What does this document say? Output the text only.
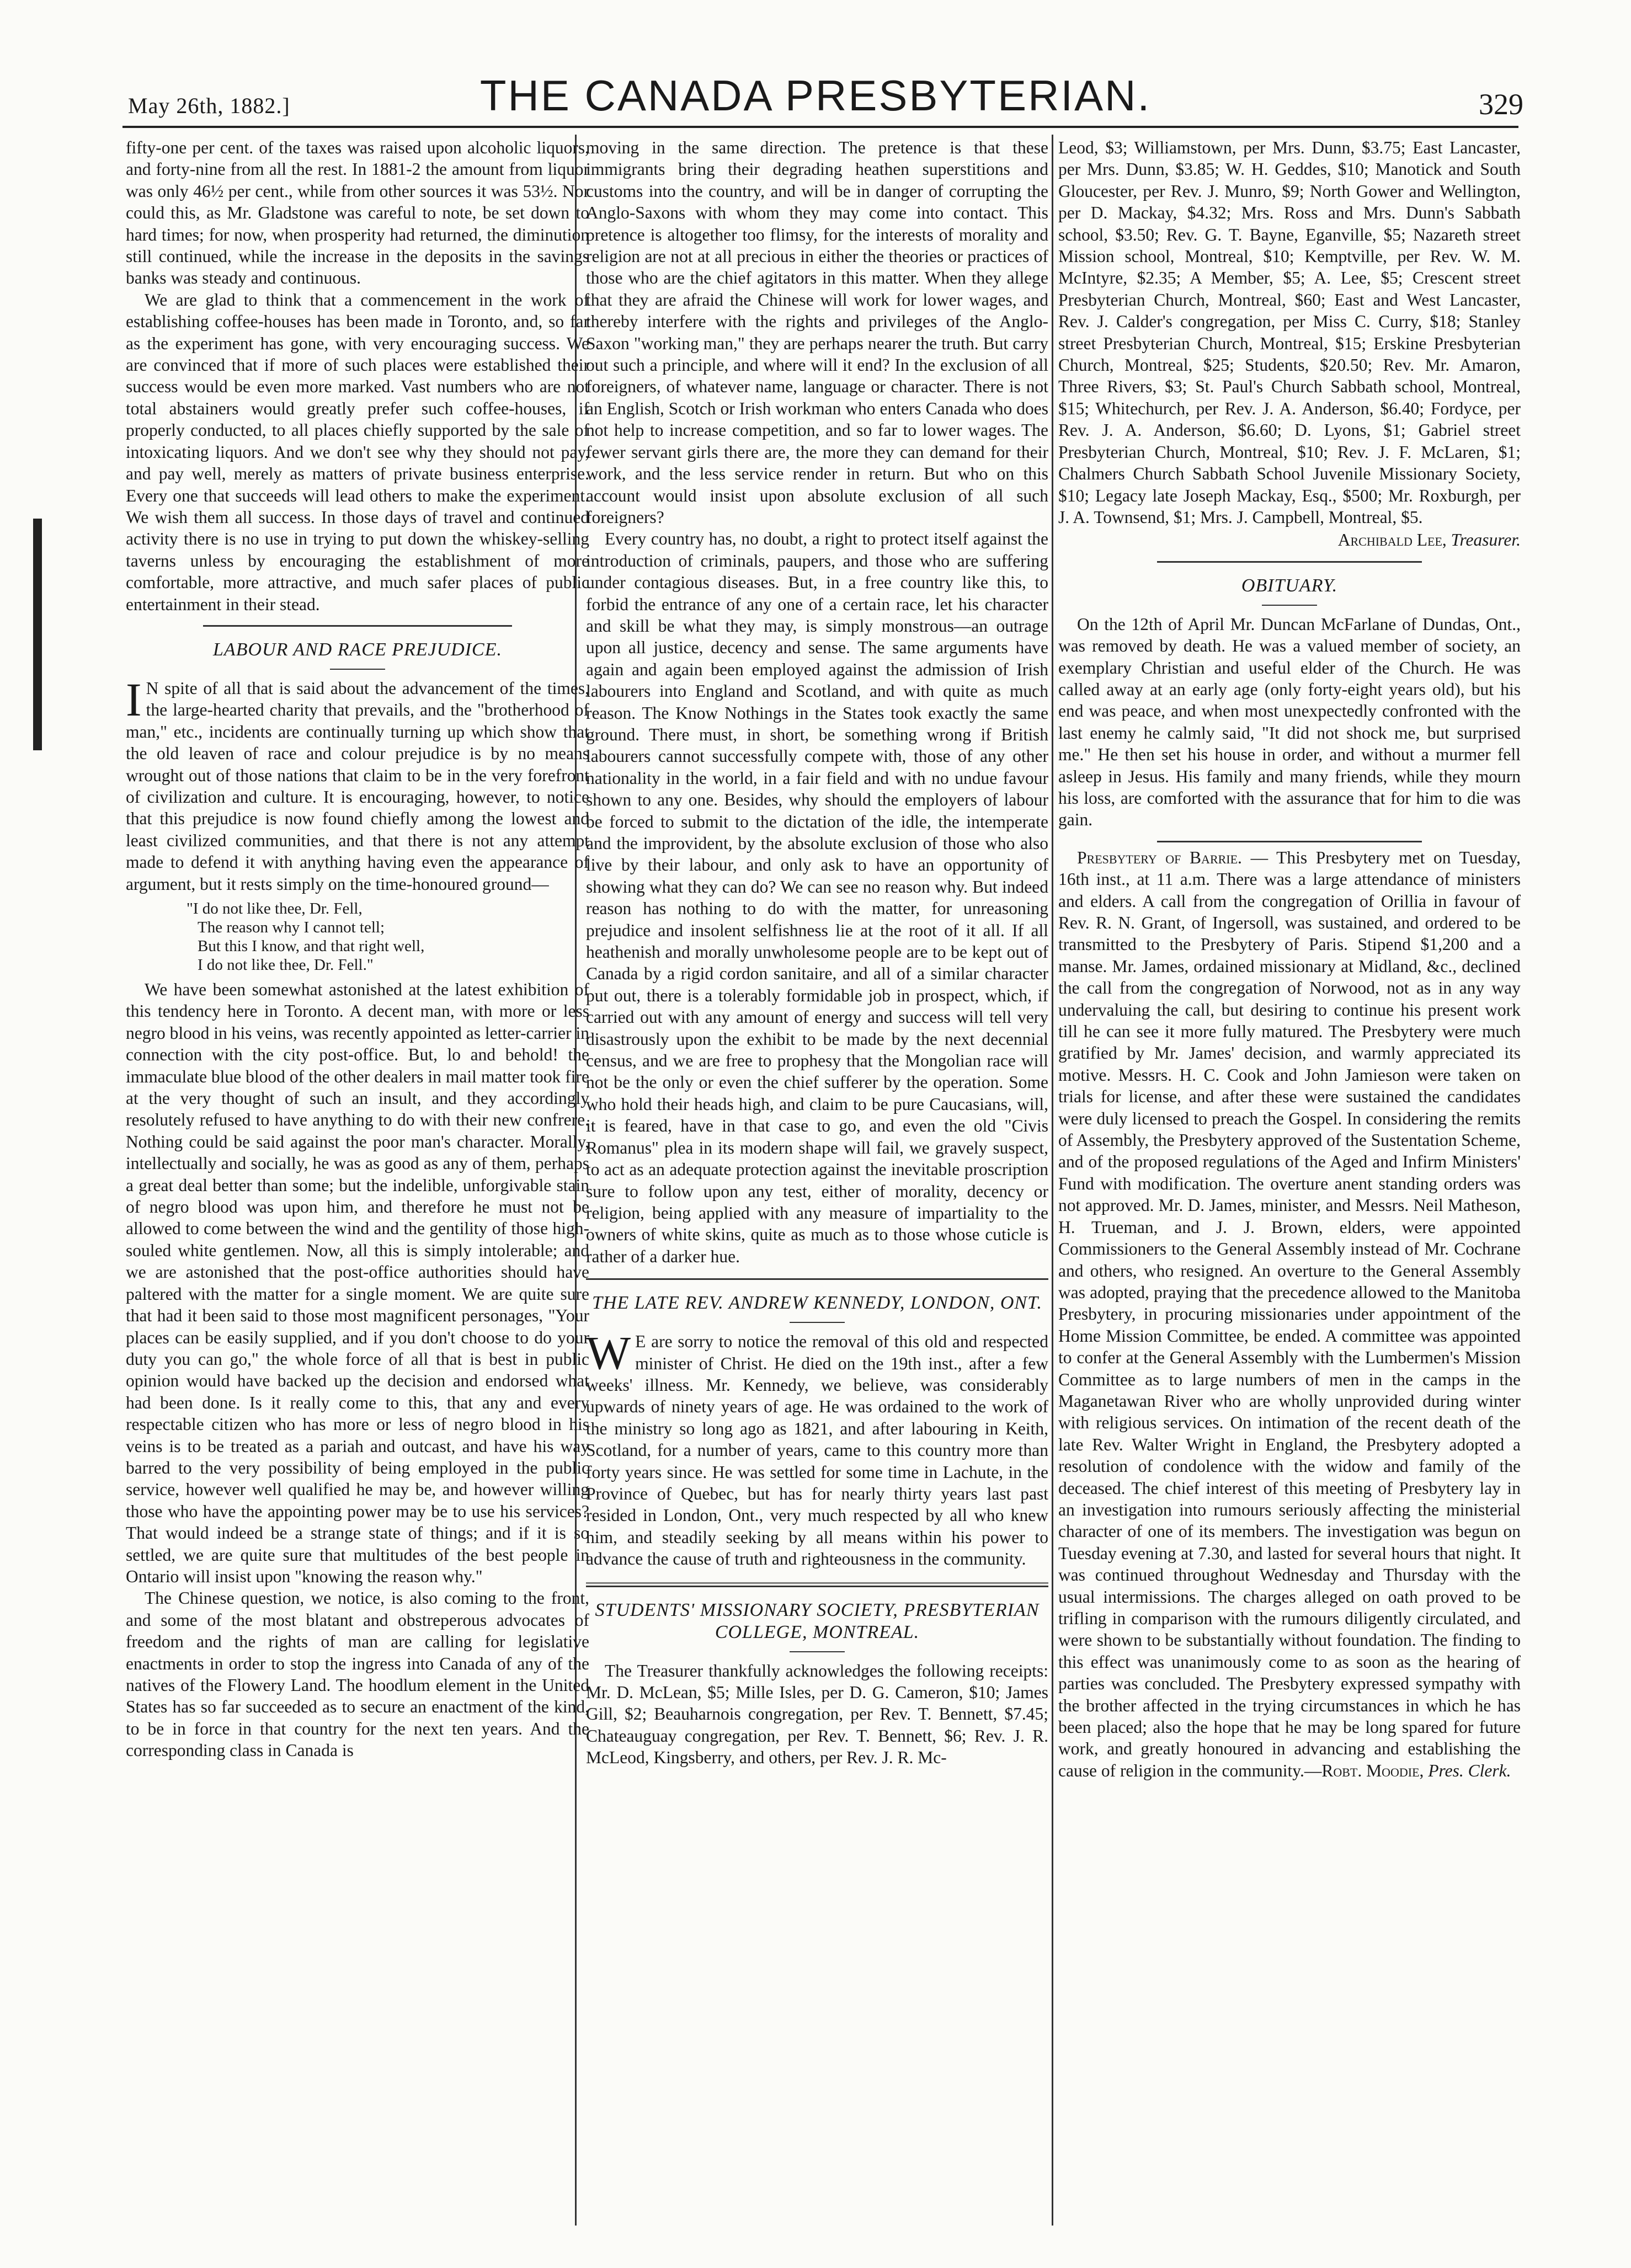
May 26th, 1882.]	THE CANADA PRESBYTERIAN.	329

fifty-one per cent. of the taxes was raised upon alcoholic liquors, and forty-nine from all the rest. In 1881-2 the amount from liquor was only 46½ per cent., while from other sources it was 53½. Nor could this, as Mr. Gladstone was careful to note, be set down to hard times; for now, when prosperity had returned, the diminution still continued, while the increase in the deposits in the savings banks was steady and continuous.

We are glad to think that a commencement in the work of establishing coffee-houses has been made in Toronto, and, so far as the experiment has gone, with very encouraging success. We are convinced that if more of such places were established their success would be even more marked. Vast numbers who are not total abstainers would greatly prefer such coffee-houses, if properly conducted, to all places chiefly supported by the sale of intoxicating liquors. And we don't see why they should not pay, and pay well, merely as matters of private business enterprise. Every one that succeeds will lead others to make the experiment. We wish them all success. In those days of travel and continued activity there is no use in trying to put down the whiskey-selling taverns unless by encouraging the establishment of more comfortable, more attractive, and much safer places of public entertainment in their stead.

LABOUR AND RACE PREJUDICE.

I N spite of all that is said about the advancement of the times, the large-hearted charity that prevails, and the "brotherhood of man," etc., incidents are continually turning up which show that the old leaven of race and colour prejudice is by no means wrought out of those nations that claim to be in the very forefront of civilization and culture. It is encouraging, however, to notice that this prejudice is now found chiefly among the lowest and least civilized communities, and that there is not any attempt made to defend it with anything having even the appearance of argument, but it rests simply on the time-honoured ground—

"I do not like thee, Dr. Fell,
The reason why I cannot tell;
But this I know, and that right well,
I do not like thee, Dr. Fell."

We have been somewhat astonished at the latest exhibition of this tendency here in Toronto. A decent man, with more or less negro blood in his veins, was recently appointed as letter-carrier in connection with the city post-office. But, lo and behold! the immaculate blue blood of the other dealers in mail matter took fire at the very thought of such an insult, and they accordingly resolutely refused to have anything to do with their new confrere. Nothing could be said against the poor man's character. Morally, intellectually and socially, he was as good as any of them, perhaps a great deal better than some; but the indelible, unforgivable stain of negro blood was upon him, and therefore he must not be allowed to come between the wind and the gentility of those high-souled white gentlemen. Now, all this is simply intolerable; and we are astonished that the post-office authorities should have paltered with the matter for a single moment. We are quite sure that had it been said to those most magnificent personages, "Your places can be easily supplied, and if you don't choose to do your duty you can go," the whole force of all that is best in public opinion would have backed up the decision and endorsed what had been done. Is it really come to this, that any and every respectable citizen who has more or less of negro blood in his veins is to be treated as a pariah and outcast, and have his way barred to the very possibility of being employed in the public service, however well qualified he may be, and however willing those who have the appointing power may be to use his services? That would indeed be a strange state of things; and if it is so settled, we are quite sure that multitudes of the best people in Ontario will insist upon "knowing the reason why."

The Chinese question, we notice, is also coming to the front, and some of the most blatant and obstreperous advocates of freedom and the rights of man are calling for legislative enactments in order to stop the ingress into Canada of any of the natives of the Flowery Land. The hoodlum element in the United States has so far succeeded as to secure an enactment of the kind, to be in force in that country for the next ten years. And the corresponding class in Canada is

moving in the same direction. The pretence is that these immigrants bring their degrading heathen superstitions and customs into the country, and will be in danger of corrupting the Anglo-Saxons with whom they may come into contact. This pretence is altogether too flimsy, for the interests of morality and religion are not at all precious in either the theories or practices of those who are the chief agitators in this matter. When they allege that they are afraid the Chinese will work for lower wages, and thereby interfere with the rights and privileges of the Anglo-Saxon "working man," they are perhaps nearer the truth. But carry out such a principle, and where will it end? In the exclusion of all foreigners, of whatever name, language or character. There is not an English, Scotch or Irish workman who enters Canada who does not help to increase competition, and so far to lower wages. The fewer servant girls there are, the more they can demand for their work, and the less service render in return. But who on this account would insist upon absolute exclusion of all such foreigners?

Every country has, no doubt, a right to protect itself against the introduction of criminals, paupers, and those who are suffering under contagious diseases. But, in a free country like this, to forbid the entrance of any one of a certain race, let his character and skill be what they may, is simply monstrous—an outrage upon all justice, decency and sense. The same arguments have again and again been employed against the admission of Irish labourers into England and Scotland, and with quite as much reason. The Know Nothings in the States took exactly the same ground. There must, in short, be something wrong if British labourers cannot successfully compete with, those of any other nationality in the world, in a fair field and with no undue favour shown to any one. Besides, why should the employers of labour be forced to submit to the dictation of the idle, the intemperate and the improvident, by the absolute exclusion of those who also live by their labour, and only ask to have an opportunity of showing what they can do? We can see no reason why. But indeed reason has nothing to do with the matter, for unreasoning prejudice and insolent selfishness lie at the root of it all. If all heathenish and morally unwholesome people are to be kept out of Canada by a rigid cordon sanitaire, and all of a similar character put out, there is a tolerably formidable job in prospect, which, if carried out with any amount of energy and success will tell very disastrously upon the exhibit to be made by the next decennial census, and we are free to prophesy that the Mongolian race will not be the only or even the chief sufferer by the operation. Some who hold their heads high, and claim to be pure Caucasians, will, it is feared, have in that case to go, and even the old "Civis Romanus" plea in its modern shape will fail, we gravely suspect, to act as an adequate protection against the inevitable proscription sure to follow upon any test, either of morality, decency or religion, being applied with any measure of impartiality to the owners of white skins, quite as much as to those whose cuticle is rather of a darker hue.

THE LATE REV. ANDREW KENNEDY, LONDON, ONT.

W E are sorry to notice the removal of this old and respected minister of Christ. He died on the 19th inst., after a few weeks' illness. Mr. Kennedy, we believe, was considerably upwards of ninety years of age. He was ordained to the work of the ministry so long ago as 1821, and after labouring in Keith, Scotland, for a number of years, came to this country more than forty years since. He was settled for some time in Lachute, in the Province of Quebec, but has for nearly thirty years last past resided in London, Ont., very much respected by all who knew him, and steadily seeking by all means within his power to advance the cause of truth and righteousness in the community.

STUDENTS' MISSIONARY SOCIETY, PRESBYTERIAN COLLEGE, MONTREAL.

The Treasurer thankfully acknowledges the following receipts: Mr. D. McLean, $5; Mille Isles, per D. G. Cameron, $10; James Gill, $2; Beauharnois congregation, per Rev. T. Bennett, $7.45; Chateauguay congregation, per Rev. T. Bennett, $6; Rev. J. R. McLeod, Kingsberry, and others, per Rev. J. R. Mc-

Leod, $3; Williamstown, per Mrs. Dunn, $3.75; East Lancaster, per Mrs. Dunn, $3.85; W. H. Geddes, $10; Manotick and South Gloucester, per Rev. J. Munro, $9; North Gower and Wellington, per D. Mackay, $4.32; Mrs. Ross and Mrs. Dunn's Sabbath school, $3.50; Rev. G. T. Bayne, Eganville, $5; Nazareth street Mission school, Montreal, $10; Kemptville, per Rev. W. M. McIntyre, $2.35; A Member, $5; A. Lee, $5; Crescent street Presbyterian Church, Montreal, $60; East and West Lancaster, Rev. J. Calder's congregation, per Miss C. Curry, $18; Stanley street Presbyterian Church, Montreal, $15; Erskine Presbyterian Church, Montreal, $25; Students, $20.50; Rev. Mr. Amaron, Three Rivers, $3; St. Paul's Church Sabbath school, Montreal, $15; Whitechurch, per Rev. J. A. Anderson, $6.40; Fordyce, per Rev. J. A. Anderson, $6.60; D. Lyons, $1; Gabriel street Presbyterian Church, Montreal, $10; Rev. J. F. McLaren, $1; Chalmers Church Sabbath School Juvenile Missionary Society, $10; Legacy late Joseph Mackay, Esq., $500; Mr. Roxburgh, per J. A. Townsend, $1; Mrs. J. Campbell, Montreal, $5.

Archibald Lee, Treasurer.
OBITUARY.

On the 12th of April Mr. Duncan McFarlane of Dundas, Ont., was removed by death. He was a valued member of society, an exemplary Christian and useful elder of the Church. He was called away at an early age (only forty-eight years old), but his end was peace, and when most unexpectedly confronted with the last enemy he calmly said, "It did not shock me, but surprised me." He then set his house in order, and without a murmer fell asleep in Jesus. His family and many friends, while they mourn his loss, are comforted with the assurance that for him to die was gain.

Presbytery of Barrie. — This Presbytery met on Tuesday, 16th inst., at 11 a.m. There was a large attendance of ministers and elders. A call from the congregation of Orillia in favour of Rev. R. N. Grant, of Ingersoll, was sustained, and ordered to be transmitted to the Presbytery of Paris. Stipend $1,200 and a manse. Mr. James, ordained missionary at Midland, &c., declined the call from the congregation of Norwood, not as in any way undervaluing the call, but desiring to continue his present work till he can see it more fully matured. The Presbytery were much gratified by Mr. James' decision, and warmly appreciated its motive. Messrs. H. C. Cook and John Jamieson were taken on trials for license, and after these were sustained the candidates were duly licensed to preach the Gospel. In considering the remits of Assembly, the Presbytery approved of the Sustentation Scheme, and of the proposed regulations of the Aged and Infirm Ministers' Fund with modification. The overture anent standing orders was not approved. Mr. D. James, minister, and Messrs. Neil Matheson, H. Trueman, and J. J. Brown, elders, were appointed Commissioners to the General Assembly instead of Mr. Cochrane and others, who resigned. An overture to the General Assembly was adopted, praying that the precedence allowed to the Manitoba Presbytery, in procuring missionaries under appointment of the Home Mission Committee, be ended. A committee was appointed to confer at the General Assembly with the Lumbermen's Mission Committee as to large numbers of men in the camps in the Maganetawan River who are wholly unprovided during winter with religious services. On intimation of the recent death of the late Rev. Walter Wright in England, the Presbytery adopted a resolution of condolence with the widow and family of the deceased. The chief interest of this meeting of Presbytery lay in an investigation into rumours seriously affecting the ministerial character of one of its members. The investigation was begun on Tuesday evening at 7.30, and lasted for several hours that night. It was continued throughout Wednesday and Thursday with the usual intermissions. The charges alleged on oath proved to be trifling in comparison with the rumours diligently circulated, and were shown to be substantially without foundation. The finding to this effect was unanimously come to as soon as the hearing of parties was concluded. The Presbytery expressed sympathy with the brother affected in the trying circumstances in which he has been placed; also the hope that he may be long spared for future work, and greatly honoured in advancing and establishing the cause of religion in the community.—Robt. Moodie, Pres. Clerk.
